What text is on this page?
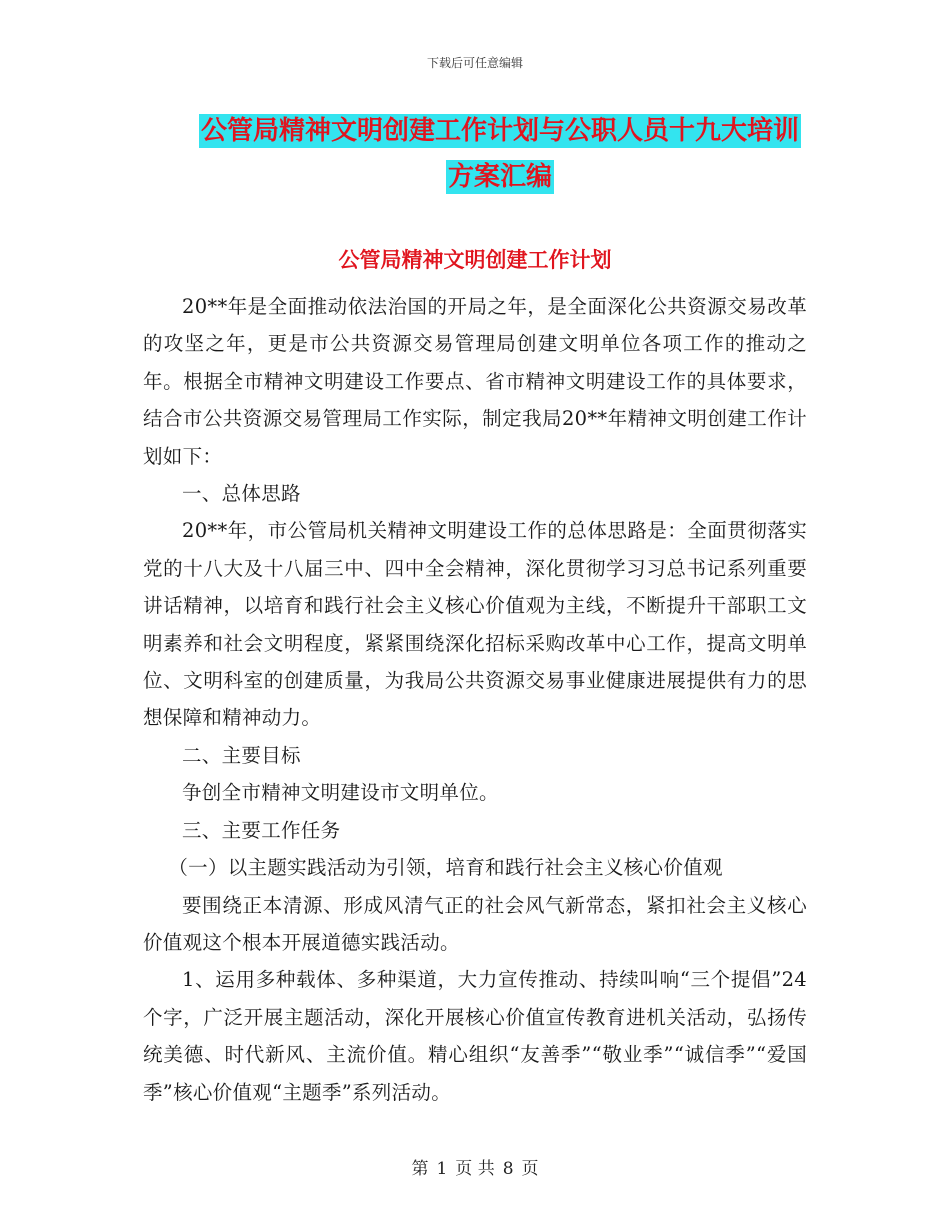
下载后可任意编辑
公管局精神文明创建工作计划与公职人员十九大培训
方案汇编
公管局精神文明创建工作计划

20**年是全面推动依法治国的开局之年，是全面深化公共资源交易改革的攻坚之年，更是市公共资源交易管理局创建文明单位各项工作的推动之年。根据全市精神文明建设工作要点、省市精神文明建设工作的具体要求，结合市公共资源交易管理局工作实际，制定我局20**年精神文明创建工作计划如下：

一、总体思路

20**年，市公管局机关精神文明建设工作的总体思路是：全面贯彻落实党的十八大及十八届三中、四中全会精神，深化贯彻学习习总书记系列重要讲话精神，以培育和践行社会主义核心价值观为主线，不断提升干部职工文明素养和社会文明程度，紧紧围绕深化招标采购改革中心工作，提高文明单位、文明科室的创建质量，为我局公共资源交易事业健康进展提供有力的思想保障和精神动力。

二、主要目标

争创全市精神文明建设市文明单位。

三、主要工作任务

（一）以主题实践活动为引领，培育和践行社会主义核心价值观

要围绕正本清源、形成风清气正的社会风气新常态，紧扣社会主义核心价值观这个根本开展道德实践活动。

1、运用多种载体、多种渠道，大力宣传推动、持续叫响“三个提倡”24个字，广泛开展主题活动，深化开展核心价值宣传教育进机关活动，弘扬传统美德、时代新风、主流价值。精心组织“友善季”“敬业季”“诚信季”“爱国季”核心价值观“主题季”系列活动。

第 1 页 共 8 页
